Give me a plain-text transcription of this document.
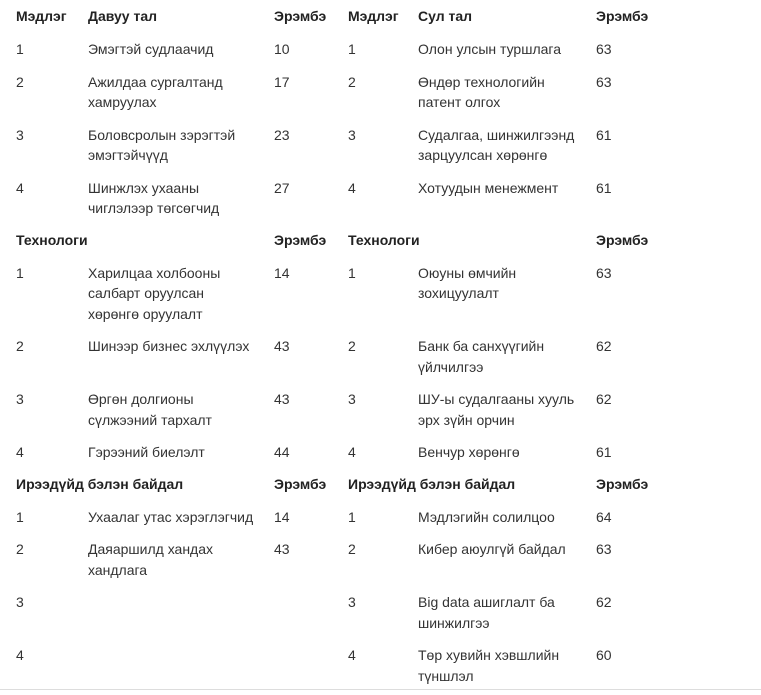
Мэдлэг	Давуу тал	Эрэмбэ	Мэдлэг	Сул тал	Эрэмбэ
1	Эмэгтэй судлаачид	10	1	Олон улсын туршлага	63
2	Ажилдаа сургалтанд хамруулах	17	2	Өндөр технологийн патент олгох	63
3	Боловсролын зэрэгтэй эмэгтэйчүүд	23	3	Судалгаа, шинжилгээнд зарцуулсан хөрөнгө	61
4	Шинжлэх ухааны чиглэлээр төгсөгчид	27	4	Хотуудын менежмент	61
Технологи		Эрэмбэ	Технологи		Эрэмбэ
1	Харилцаа холбооны салбарт оруулсан хөрөнгө оруулалт	14	1	Оюуны өмчийн зохицуулалт	63
2	Шинээр бизнес эхлүүлэх	43	2	Банк ба санхүүгийн үйлчилгээ	62
3	Өргөн долгионы сүлжээний тархалт	43	3	ШУ-ы судалгааны хууль эрх зүйн орчин	62
4	Гэрээний биелэлт	44	4	Венчур хөрөнгө	61
Ирээдүйд бэлэн байдал		Эрэмбэ	Ирээдүйд бэлэн байдал		Эрэмбэ
1	Ухаалаг утас хэрэглэгчид	14	1	Мэдлэгийн солилцоо	64
2	Даяаршилд хандах хандлага	43	2	Кибер аюулгүй байдал	63
3			3	Big data ашиглалт ба шинжилгээ	62
4			4	Төр хувийн хэвшлийн түншлэл	60
